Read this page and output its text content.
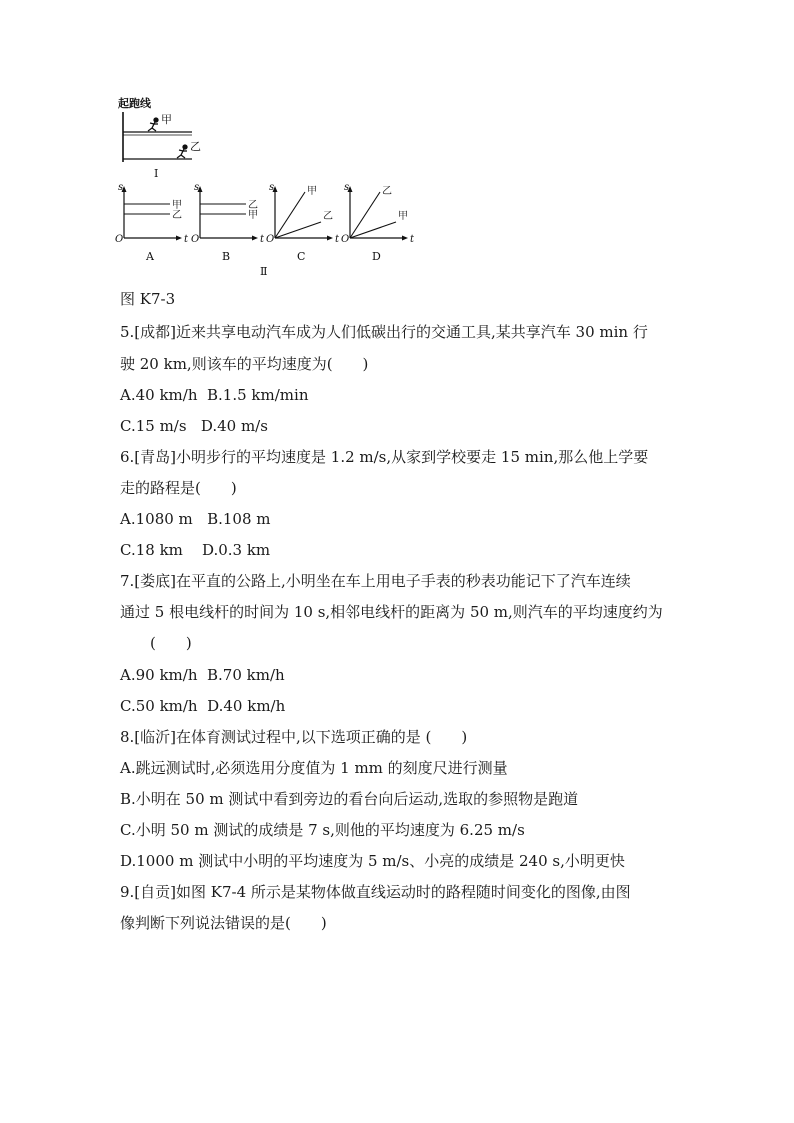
起跑线
甲
乙
I
s
t
O
A
甲
乙
s
t
O
B
乙
甲
s
t
O
C
甲
乙
s
t
O
D
乙
甲
Ⅱ
图 K7-3
5.[成都]近来共享电动汽车成为人们低碳出行的交通工具,某共享汽车 30 min 行
驶 20 km,则该车的平均速度为(　　)
A.40 km/h  B.1.5 km/min
C.15 m/s   D.40 m/s
6.[青岛]小明步行的平均速度是 1.2 m/s,从家到学校要走 15 min,那么他上学要
走的路程是(　　)
A.1080 m   B.108 m
C.18 km    D.0.3 km
7.[娄底]在平直的公路上,小明坐在车上用电子手表的秒表功能记下了汽车连续
通过 5 根电线杆的时间为 10 s,相邻电线杆的距离为 50 m,则汽车的平均速度约为
　　(　　)
A.90 km/h  B.70 km/h
C.50 km/h  D.40 km/h
8.[临沂]在体育测试过程中,以下选项正确的是 (　　)
A.跳远测试时,必须选用分度值为 1 mm 的刻度尺进行测量
B.小明在 50 m 测试中看到旁边的看台向后运动,选取的参照物是跑道
C.小明 50 m 测试的成绩是 7 s,则他的平均速度为 6.25 m/s
D.1000 m 测试中小明的平均速度为 5 m/s、小亮的成绩是 240 s,小明更快
9.[自贡]如图 K7-4 所示是某物体做直线运动时的路程随时间变化的图像,由图
像判断下列说法错误的是(　　)
